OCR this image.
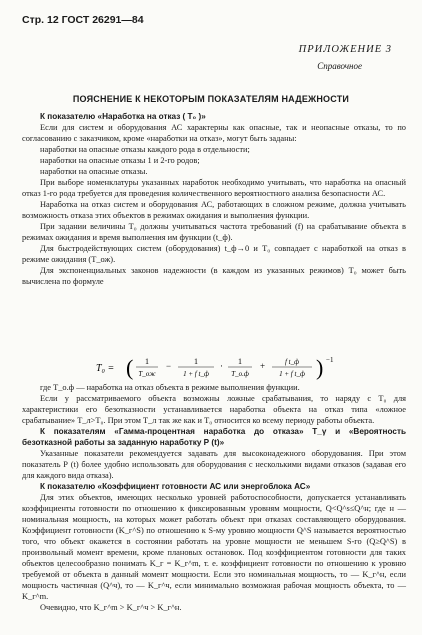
Стр. 12 ГОСТ 26291—84
ПРИЛОЖЕНИЕ 3
Справочное
ПОЯСНЕНИЕ К НЕКОТОРЫМ ПОКАЗАТЕЛЯМ НАДЕЖНОСТИ

К показателю «Наработка на отказ ( Т₀ )»

Если для систем и оборудования АС характерны как опасные, так и неопасные отказы, то по согласованию с заказчиком, кроме «наработки на отказ», могут быть заданы:

наработки на опасные отказы каждого рода в отдельности;

наработки на опасные отказы 1 и 2-го родов;

наработки на опасные отказы.

При выборе номенклатуры указанных наработок необходимо учитывать, что наработка на опасный отказ 1-го рода требуется для проведения количественного вероятностного анализа безопасности АС.

Наработка на отказ систем и оборудования АС, работающих в сложном режиме, должна учитывать возможность отказа этих объектов в режимах ожидания и выполнения функции.

При задании величины Т₀ должны учитываться частота требований (f) на срабатывание объекта в режимах ожидания и время выполнения им функции (t_ф).

Для быстродействующих систем (оборудования) t_ф→0 и Т₀ совпадает с наработкой на отказ в режиме ожидания (Т_ож).

Для экспоненциальных законов надежности (в каждом из указанных режимов) Т₀ может быть вычислена по формуле

T₀ = ( 1
T_ож
−	1
1 + f t_ф
· 1
T_о.ф
+	f t_ф
1 + f t_ф ) −1

где Т_о.ф — наработка на отказ объекта в режиме выполнения функции.

Если у рассматриваемого объекта возможны ложные срабатывания, то наряду с Т₀ для характеристики его безотказности устанавливается наработка объекта на отказ типа «ложное срабатывание» Т_л>Т₀. При этом Т_л так же как и Т₀ относится ко всему периоду работы объекта.

К показателям «Гамма-процентная наработка до отказа» Т_γ и «Вероятность безотказной работы за заданную наработку Р (t)»

Указанные показатели рекомендуется задавать для высоконадежного оборудования. При этом показатель Р (t) более удобно использовать для оборудования с несколькими видами отказов (задавая его для каждого вида отказа).

К показателю «Коэффициент готовности АС или энергоблока АС»

Для этих объектов, имеющих несколько уровней работоспособности, допускается устанавливать коэффициенты готовности по отношению к фиксированным уровням мощности, Q<Q^s≤Q^н; где н — номинальная мощность, на которых может работать объект при отказах составляющего оборудования. Коэффициент готовности (K_г^S) по отношению к S-му уровню мощности Q^S называется вероятностью того, что объект окажется в состоянии работать на уровне мощности не меньшем S-го (Q≥Q^S) в произвольный момент времени, кроме плановых остановок. Под коэффициентом готовности для таких объектов целесообразно понимать K_г = K_г^m, т. е. коэффициент готовности по отношению к уровню требуемой от объекта в данный момент мощности. Если это номинальная мощность, то — K_г^н, если мощность частичная (Q^ч), то — K_г^ч, если минимально возможная рабочая мощность объекта, то — K_г^m.

Очевидно, что K_г^m > K_г^ч > K_г^н.
